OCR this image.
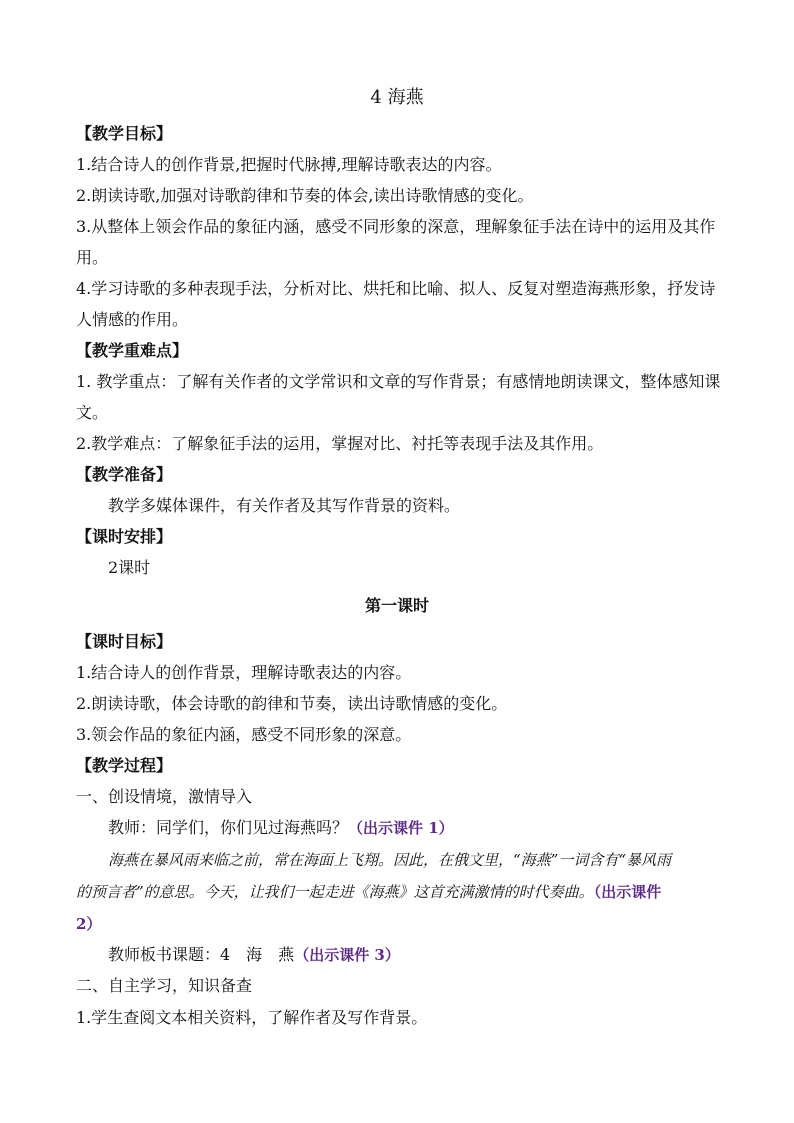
4 海燕
【教学目标】
1.结合诗人的创作背景,把握时代脉搏,理解诗歌表达的内容。
2.朗读诗歌,加强对诗歌韵律和节奏的体会,读出诗歌情感的变化。
3.从整体上领会作品的象征内涵，感受不同形象的深意，理解象征手法在诗中的运用及其作
用。
4.学习诗歌的多种表现手法，分析对比、烘托和比喻、拟人、反复对塑造海燕形象，抒发诗
人情感的作用。
【教学重难点】
1. 教学重点：了解有关作者的文学常识和文章的写作背景；有感情地朗读课文，整体感知课
文。
2.教学难点：了解象征手法的运用，掌握对比、衬托等表现手法及其作用。
【教学准备】
教学多媒体课件，有关作者及其写作背景的资料。
【课时安排】
2课时
第一课时
【课时目标】
1.结合诗人的创作背景，理解诗歌表达的内容。
2.朗读诗歌，体会诗歌的韵律和节奏，读出诗歌情感的变化。
3.领会作品的象征内涵，感受不同形象的深意。
【教学过程】
一、创设情境，激情导入
教师：同学们，你们见过海燕吗？（出示课件 1）
海燕在暴风雨来临之前，常在海面上飞翔。因此，在俄文里，“海燕”一词含有“暴风雨
的预言者”的意思。今天，让我们一起走进《海燕》这首充满激情的时代奏曲。（出示课件
2）
教师板书课题：4　海　燕（出示课件 3）
二、自主学习，知识备查
1.学生查阅文本相关资料，了解作者及写作背景。
